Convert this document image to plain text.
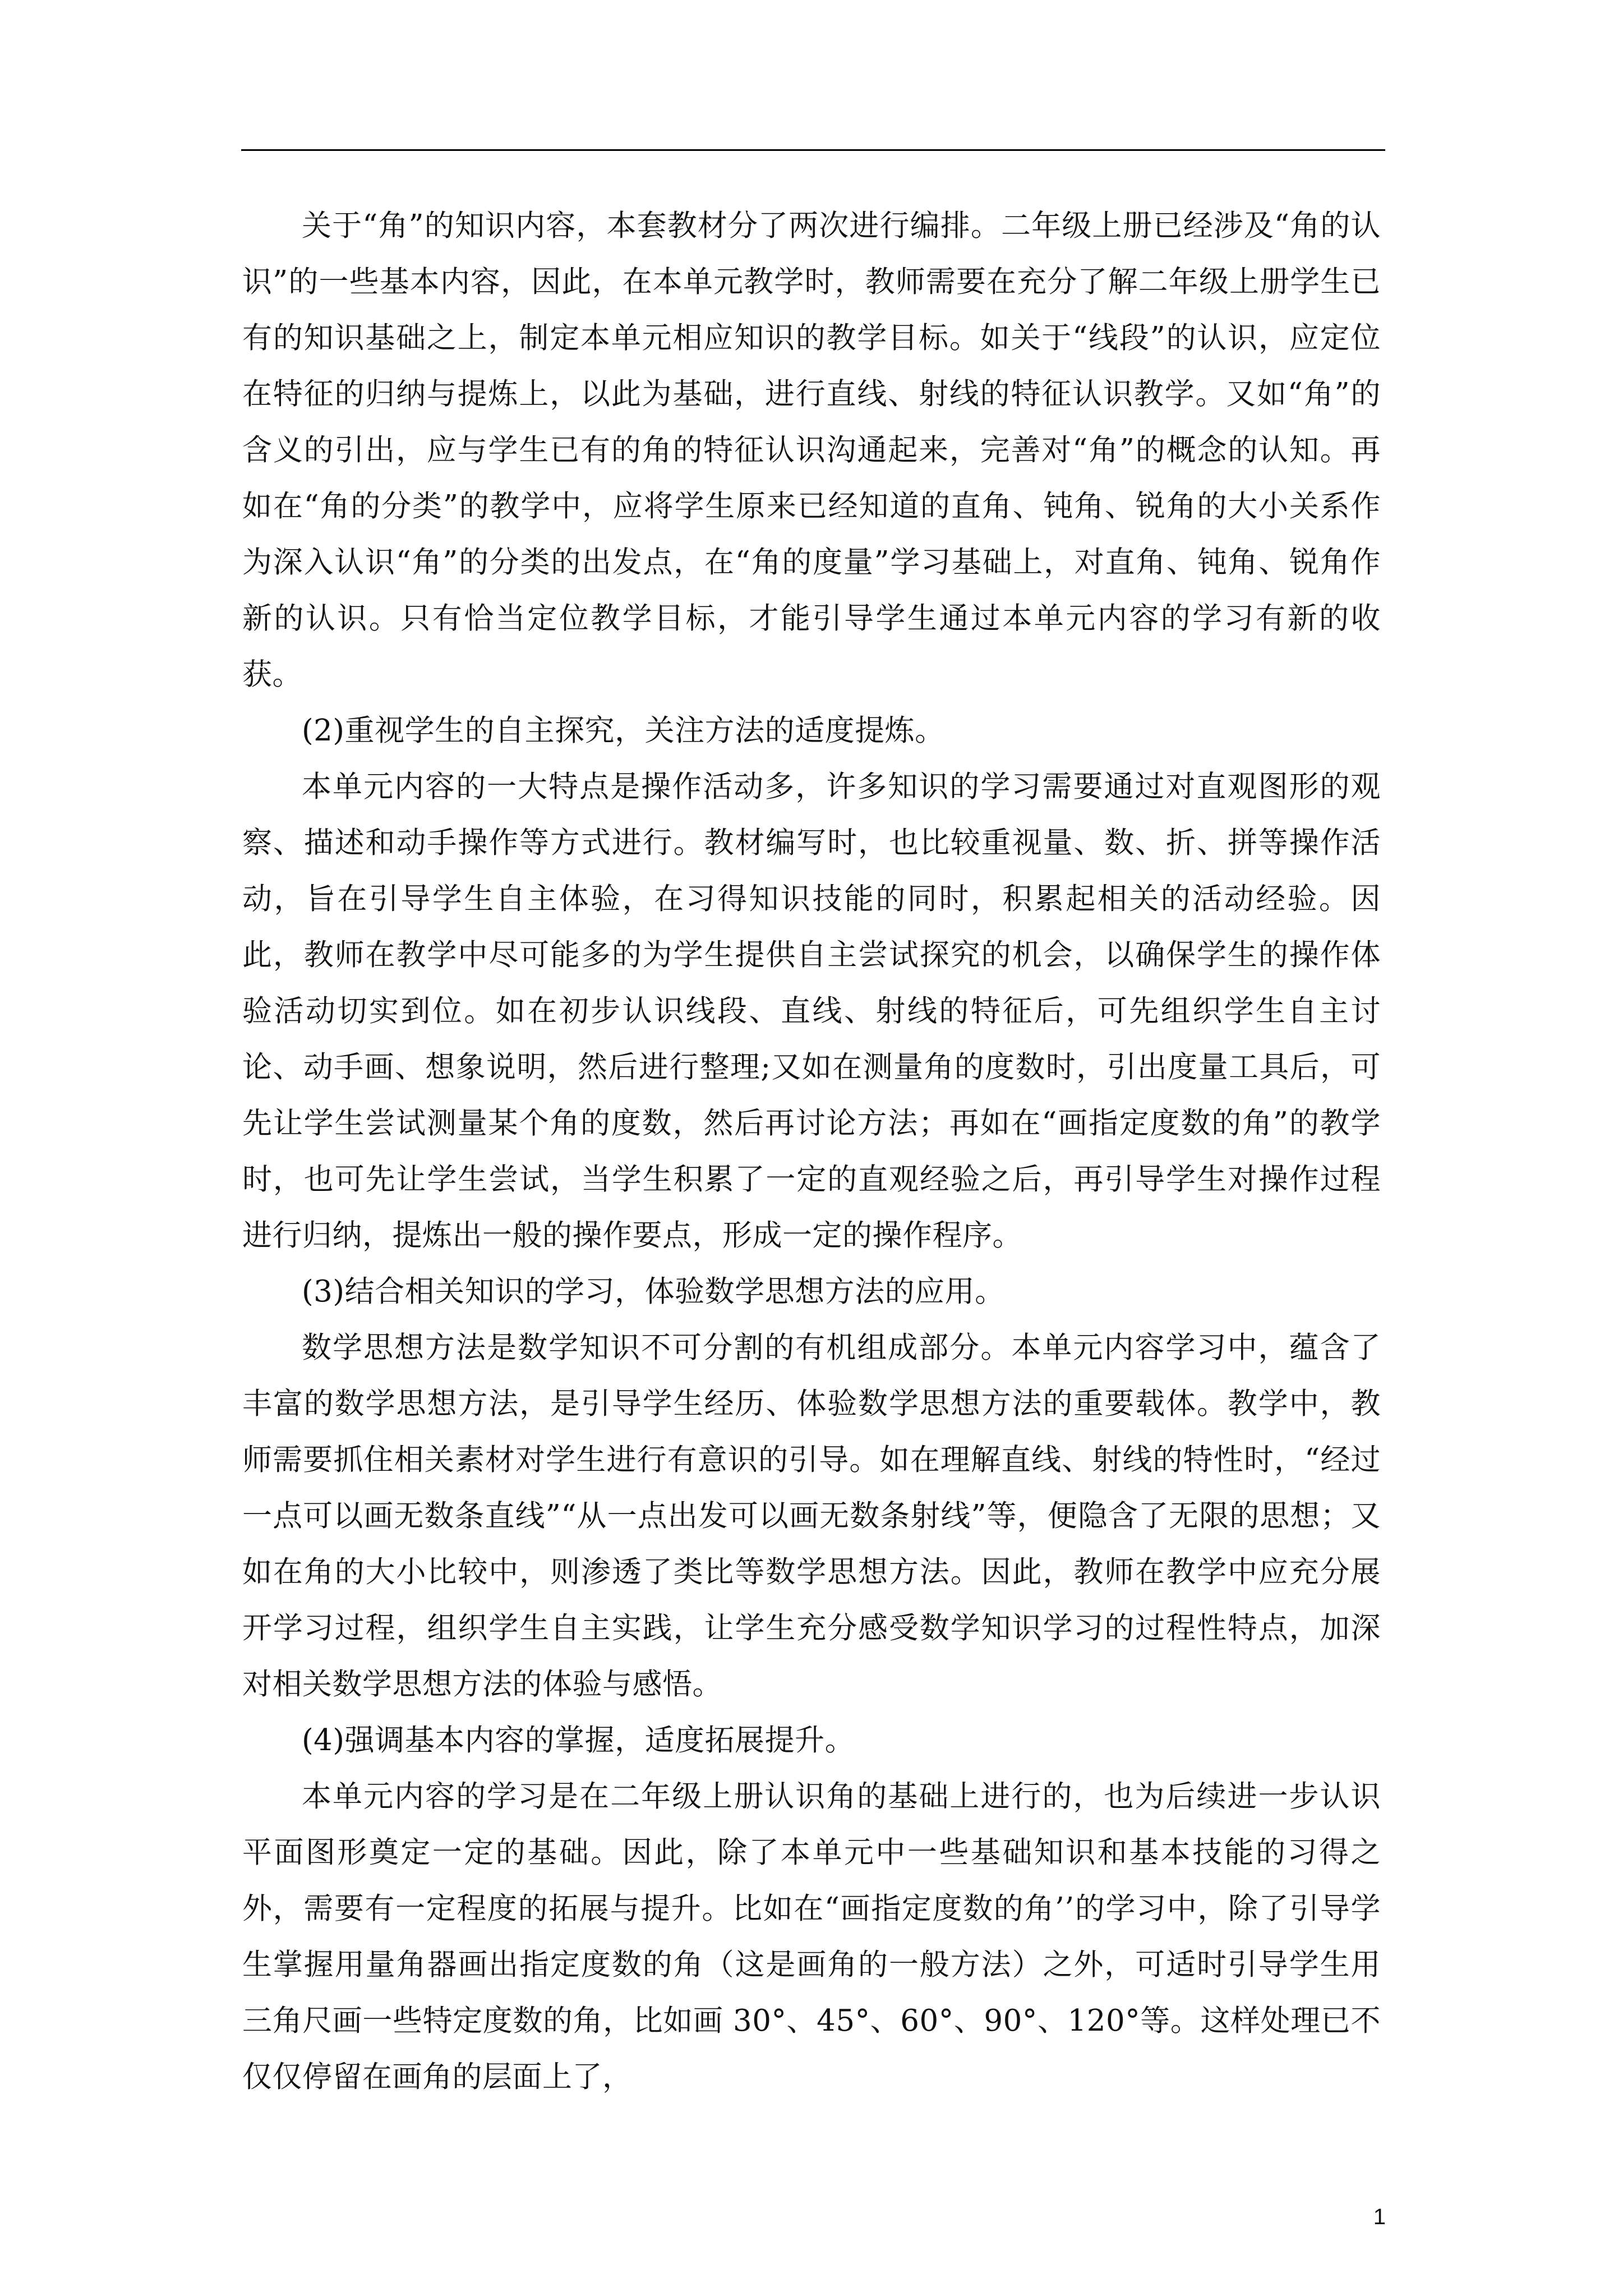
关于“角”的知识内容，本套教材分了两次进行编排。二年级上册已经涉及“角的认识”的一些基本内容，因此，在本单元教学时，教师需要在充分了解二年级上册学生已有的知识基础之上，制定本单元相应知识的教学目标。如关于“线段”的认识，应定位在特征的归纳与提炼上，以此为基础，进行直线、射线的特征认识教学。又如“角”的含义的引出，应与学生已有的角的特征认识沟通起来，完善对“角”的概念的认知。再如在“角的分类”的教学中，应将学生原来已经知道的直角、钝角、锐角的大小关系作为深入认识“角”的分类的出发点，在“角的度量”学习基础上，对直角、钝角、锐角作新的认识。只有恰当定位教学目标，才能引导学生通过本单元内容的学习有新的收获。

(2)重视学生的自主探究，关注方法的适度提炼。

本单元内容的一大特点是操作活动多，许多知识的学习需要通过对直观图形的观察、描述和动手操作等方式进行。教材编写时，也比较重视量、数、折、拼等操作活动，旨在引导学生自主体验，在习得知识技能的同时，积累起相关的活动经验。因此，教师在教学中尽可能多的为学生提供自主尝试探究的机会，以确保学生的操作体验活动切实到位。如在初步认识线段、直线、射线的特征后，可先组织学生自主讨论、动手画、想象说明，然后进行整理;又如在测量角的度数时，引出度量工具后，可先让学生尝试测量某个角的度数，然后再讨论方法；再如在“画指定度数的角”的教学时，也可先让学生尝试，当学生积累了一定的直观经验之后，再引导学生对操作过程进行归纳，提炼出一般的操作要点，形成一定的操作程序。

(3)结合相关知识的学习，体验数学思想方法的应用。

数学思想方法是数学知识不可分割的有机组成部分。本单元内容学习中，蕴含了丰富的数学思想方法，是引导学生经历、体验数学思想方法的重要载体。教学中，教师需要抓住相关素材对学生进行有意识的引导。如在理解直线、射线的特性时，“经过一点可以画无数条直线”“从一点出发可以画无数条射线”等，便隐含了无限的思想；又如在角的大小比较中，则渗透了类比等数学思想方法。因此，教师在教学中应充分展开学习过程，组织学生自主实践，让学生充分感受数学知识学习的过程性特点，加深对相关数学思想方法的体验与感悟。

(4)强调基本内容的掌握，适度拓展提升。

本单元内容的学习是在二年级上册认识角的基础上进行的，也为后续进一步认识平面图形奠定一定的基础。因此，除了本单元中一些基础知识和基本技能的习得之外，需要有一定程度的拓展与提升。比如在“画指定度数的角’’的学习中，除了引导学生掌握用量角器画出指定度数的角（这是画角的一般方法）之外，可适时引导学生用三角尺画一些特定度数的角，比如画 30°、45°、60°、90°、120°等。这样处理已不仅仅停留在画角的层面上了，

1
